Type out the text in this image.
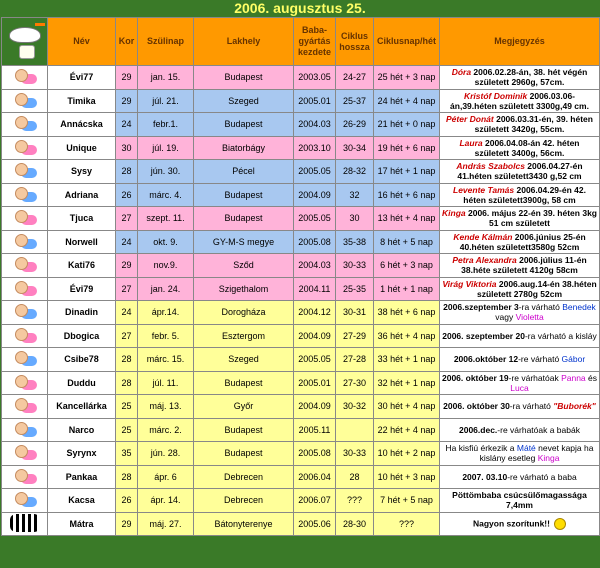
2006. augusztus 25.
	Név	Kor	Szülinap	Lakhely	Baba-gyártás kezdete	Ciklus hossza	Ciklusnap/hét	Megjegyzés

	Évi77	29	jan. 15.	Budapest	2003.05	24-27	25 hét + 3 nap	Dóra 2006.02.28-án, 38. hét végén született 2960g, 57cm.

	Timika	29	júl. 21.	Szeged	2005.01	25-37	24 hét + 4 nap	Kristóf Dominik 2006.03.06-án,39.héten született 3300g,49 cm.

	Annácska	24	febr.1.	Budapest	2004.03	26-29	21 hét + 0 nap	Péter Donát 2006.03.31-én, 39. héten született 3420g, 55cm.

	Unique	30	júl. 19.	Biatorbágy	2003.10	30-34	19 hét + 6 nap	Laura 2006.04.08-án 42. héten született 3400g, 56cm.

	Sysy	28	jún. 30.	Pécel	2005.05	28-32	17 hét + 1 nap	András Szabolcs 2006.04.27-én 41.héten született3430 g,52 cm

	Adriana	26	márc. 4.	Budapest	2004.09	32	16 hét + 6 nap	Levente Tamás 2006.04.29-én 42. héten született3900g, 58 cm

	Tjuca	27	szept. 11.	Budapest	2005.05	30	13 hét + 4 nap	Kinga 2006. május 22-én 39. héten 3kg 51 cm született

	Norwell	24	okt. 9.	GY-M-S megye	2005.08	35-38	8 hét + 5 nap	Kende Kálmán 2006.június 25-én 40.héten született3580g 52cm

	Kati76	29	nov.9.	Sződ	2004.03	30-33	6 hét + 3 nap	Petra Alexandra 2006.július 11-én 38.héte született 4120g 58cm

	Évi79	27	jan. 24.	Szigethalom	2004.11	25-35	1 hét + 1 nap	Virág Viktoria 2006.aug.14-én 38.héten született 2780g 52cm

	Dinadin	24	ápr.14.	Dorogháza	2004.12	30-31	38 hét + 6 nap	2006.szeptember 3-ra várható Benedek vagy Violetta

	Dbogica	27	febr. 5.	Esztergom	2004.09	27-29	36 hét + 4 nap	2006. szeptember 20-ra várható a kisláy

	Csibe78	28	márc. 15.	Szeged	2005.05	27-28	33 hét + 1 nap	2006.október 12-re várható Gábor

	Duddu	28	júl. 11.	Budapest	2005.01	27-30	32 hét + 1 nap	2006. október 19-re várhatóak Panna és Luca

	Kancellárka	25	máj. 13.	Győr	2004.09	30-32	30 hét + 4 nap	2006. október 30-ra várható "Buborék"

	Narco	25	márc. 2.	Budapest	2005.11		22 hét + 4 nap	2006.dec.-re várhatóak a babák

	Syrynx	35	jún. 28.	Budapest	2005.08	30-33	10 hét + 2 nap	Ha kisfiú érkezik a Máté nevet kapja ha kislány esetleg Kinga

	Pankaa	28	ápr. 6	Debrecen	2006.04	28	10 hét + 3 nap	2007. 03.10-re várható a baba

	Kacsa	26	ápr. 14.	Debrecen	2006.07	???	7 hét + 5 nap	Pöttömbaba csúcsülőmagassága 7,4mm
	Mátra	29	máj. 27.	Bátonyterenye	2005.06	28-30	???	Nagyon szorítunk!!
